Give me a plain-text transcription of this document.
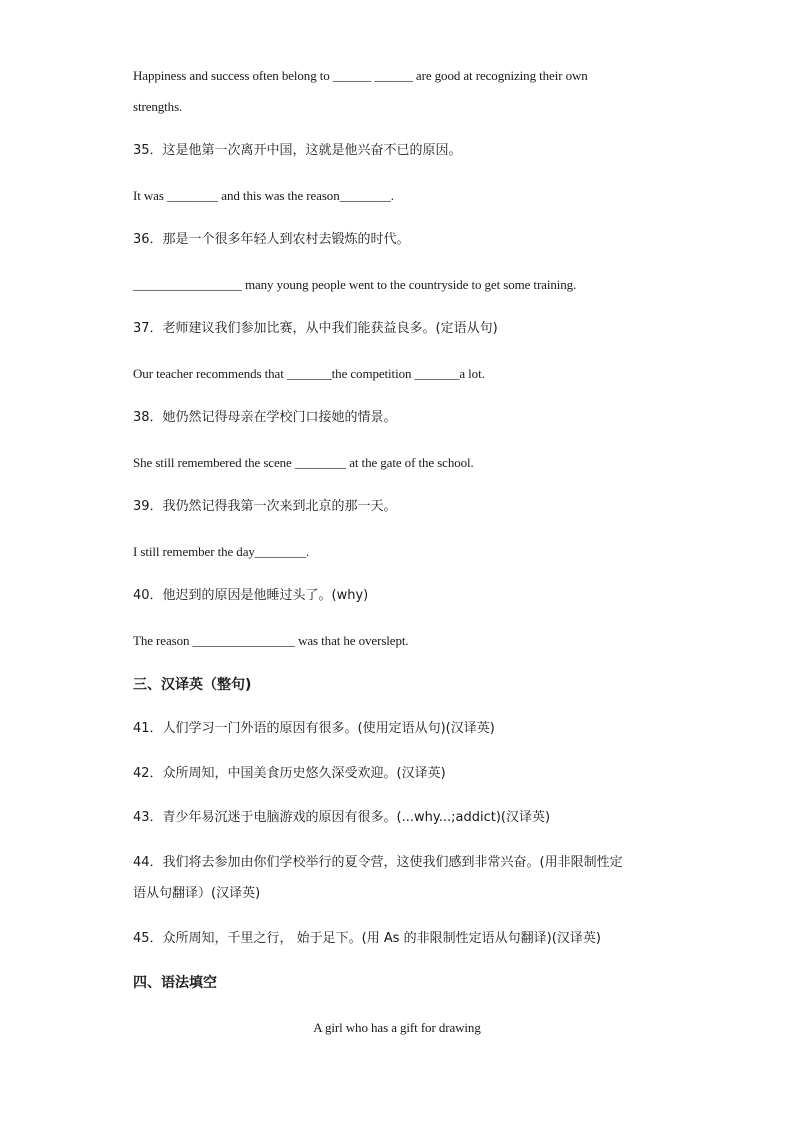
Happiness and success often belong to ______ ______ are good at recognizing their own
strengths.
35．这是他第一次离开中国，这就是他兴奋不已的原因。
It was ________ and this was the reason________.
36．那是一个很多年轻人到农村去锻炼的时代。
_________________ many young people went to the countryside to get some training.
37．老师建议我们参加比赛，从中我们能获益良多。(定语从句)
Our teacher recommends that _______the competition _______a lot.
38．她仍然记得母亲在学校门口接她的情景。
She still remembered the scene ________ at the gate of the school.
39．我仍然记得我第一次来到北京的那一天。
I still remember the day________.
40．他迟到的原因是他睡过头了。(why)
The reason ________________ was that he overslept.
三、汉译英（整句)
41．人们学习一门外语的原因有很多。(使用定语从句)(汉译英)
42．众所周知，中国美食历史悠久深受欢迎。(汉译英)
43．青少年易沉迷于电脑游戏的原因有很多。(...why...;addict)(汉译英)
44．我们将去参加由你们学校举行的夏令营，这使我们感到非常兴奋。(用非限制性定
语从句翻译）(汉译英)
45．众所周知，千里之行， 始于足下。(用 As 的非限制性定语从句翻译)(汉译英)
四、语法填空
A girl who has a gift for drawing
